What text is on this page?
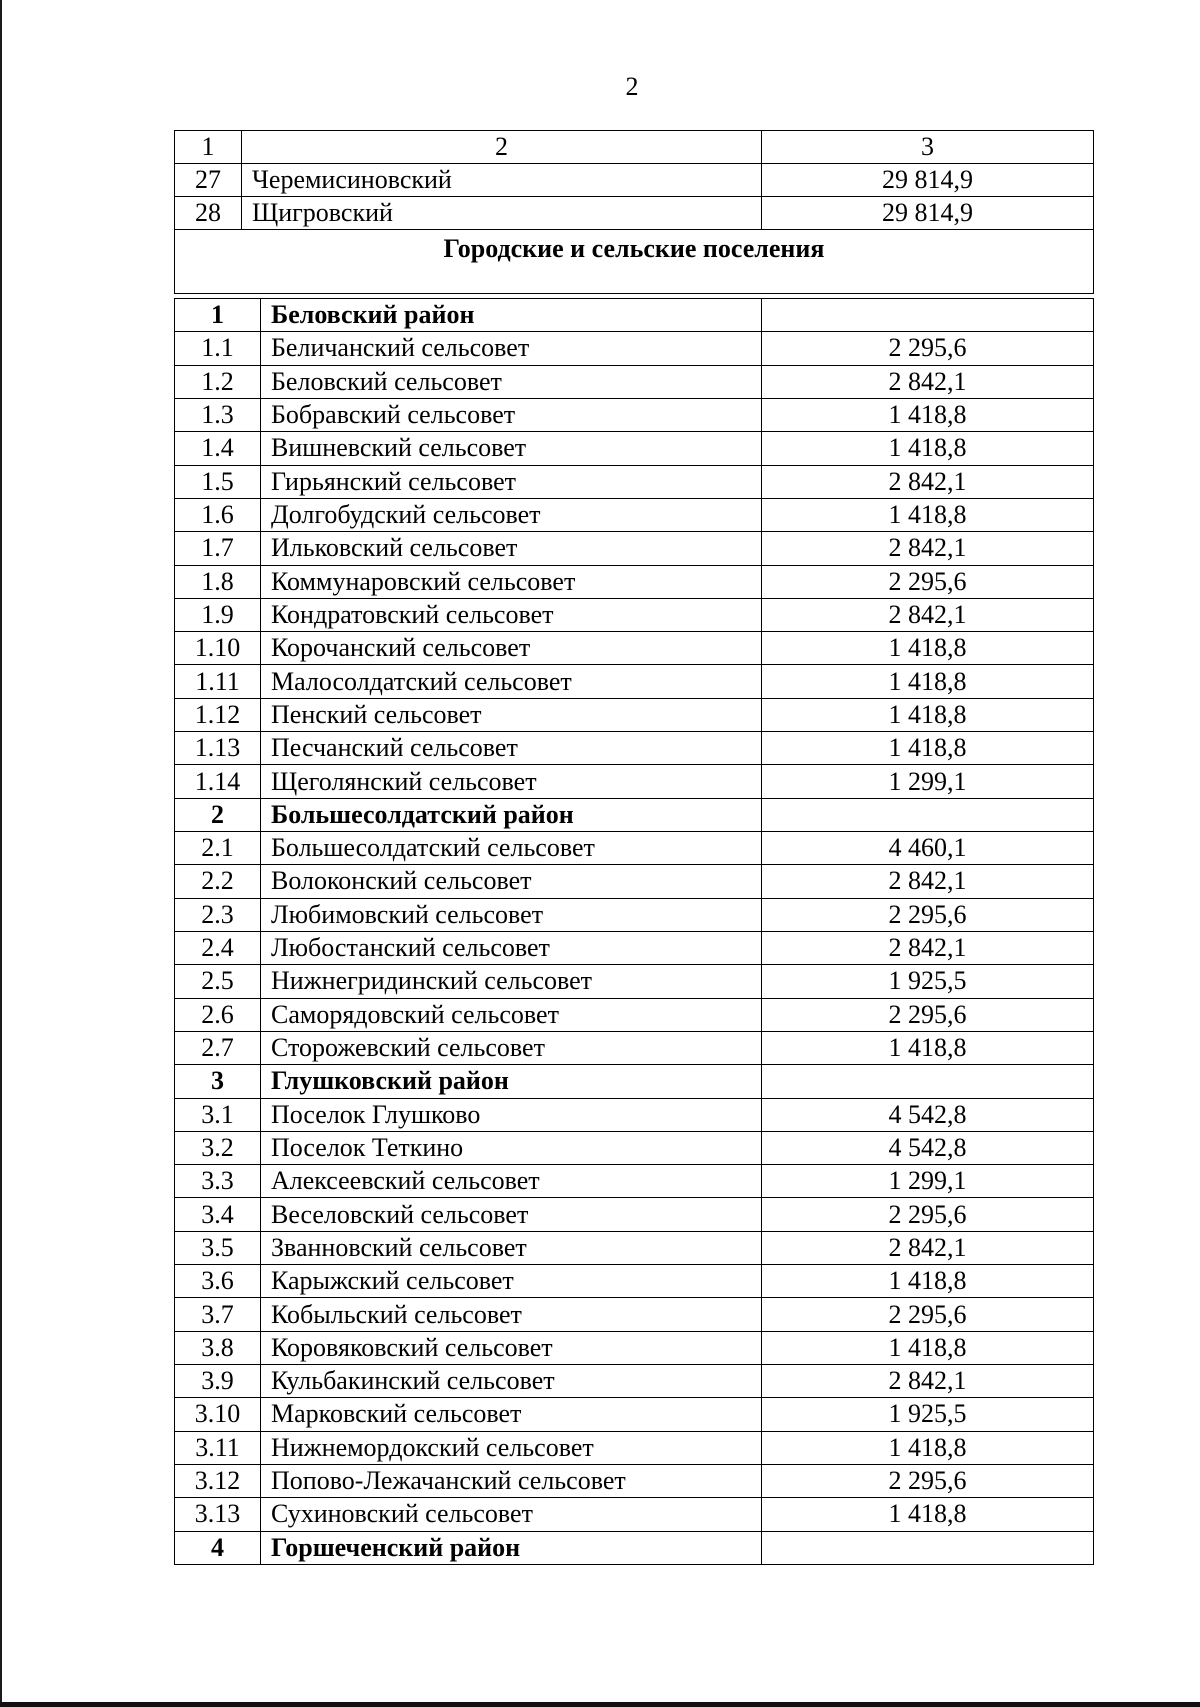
2
1	2	3
27	Черемисиновский	29 814,9
28	Щигровский	29 814,9
Городские и сельские поселения		
1	Беловский район	
1.1	Беличанский сельсовет	2 295,6
1.2	Беловский сельсовет	2 842,1
1.3	Бобравский сельсовет	1 418,8
1.4	Вишневский сельсовет	1 418,8
1.5	Гирьянский сельсовет	2 842,1
1.6	Долгобудский сельсовет	1 418,8
1.7	Ильковский сельсовет	2 842,1
1.8	Коммунаровский сельсовет	2 295,6
1.9	Кондратовский сельсовет	2 842,1
1.10	Корочанский сельсовет	1 418,8
1.11	Малосолдатский сельсовет	1 418,8
1.12	Пенский сельсовет	1 418,8
1.13	Песчанский сельсовет	1 418,8
1.14	Щеголянский сельсовет	1 299,1
2	Большесолдатский район	
2.1	Большесолдатский сельсовет	4 460,1
2.2	Волоконский сельсовет	2 842,1
2.3	Любимовский сельсовет	2 295,6
2.4	Любостанский сельсовет	2 842,1
2.5	Нижнегридинский сельсовет	1 925,5
2.6	Саморядовский сельсовет	2 295,6
2.7	Сторожевский сельсовет	1 418,8
3	Глушковский район	
3.1	Поселок Глушково	4 542,8
3.2	Поселок Теткино	4 542,8
3.3	Алексеевский сельсовет	1 299,1
3.4	Веселовский сельсовет	2 295,6
3.5	Званновский сельсовет	2 842,1
3.6	Карыжский сельсовет	1 418,8
3.7	Кобыльский сельсовет	2 295,6
3.8	Коровяковский сельсовет	1 418,8
3.9	Кульбакинский сельсовет	2 842,1
3.10	Марковский сельсовет	1 925,5
3.11	Нижнемордокский сельсовет	1 418,8
3.12	Попово-Лежачанский сельсовет	2 295,6
3.13	Сухиновский сельсовет	1 418,8
4	Горшеченский район	
